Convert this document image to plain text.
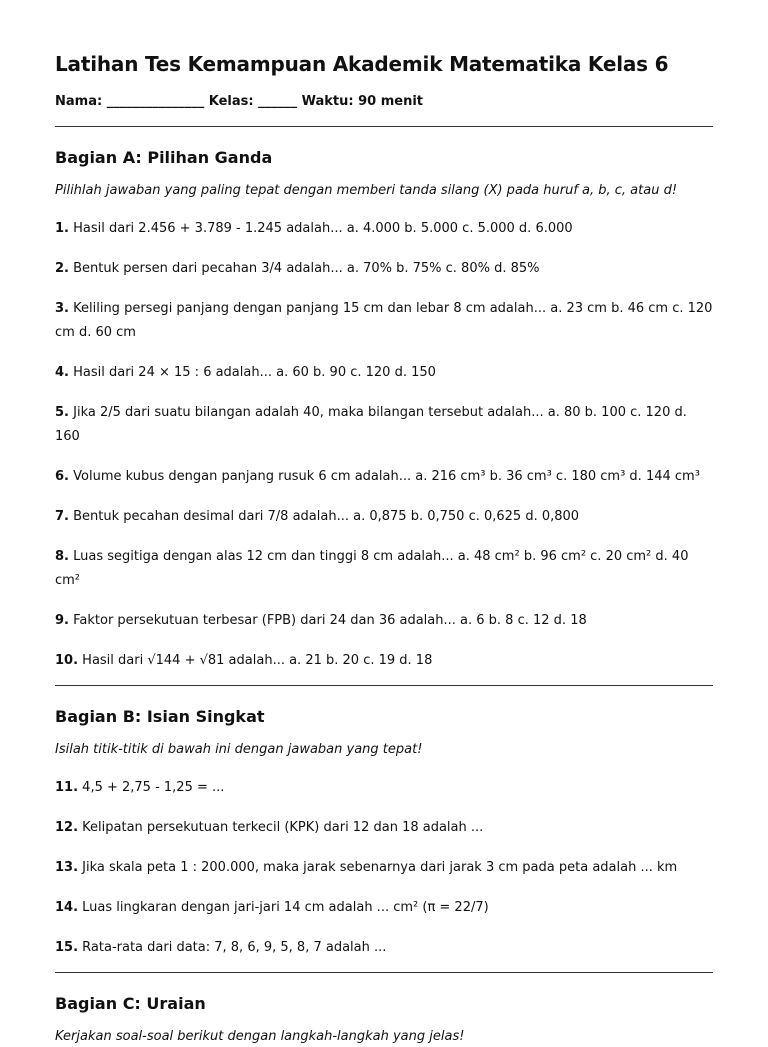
Latihan Tes Kemampuan Akademik Matematika Kelas 6
Nama: _______________ Kelas: ______ Waktu: 90 menit
Bagian A: Pilihan Ganda

Pilihlah jawaban yang paling tepat dengan memberi tanda silang (X) pada huruf a, b, c, atau d!

1. Hasil dari 2.456 + 3.789 - 1.245 adalah... a. 4.000 b. 5.000 c. 5.000 d. 6.000

2. Bentuk persen dari pecahan 3/4 adalah... a. 70% b. 75% c. 80% d. 85%

3. Keliling persegi panjang dengan panjang 15 cm dan lebar 8 cm adalah... a. 23 cm b. 46 cm c. 120 cm d. 60 cm

4. Hasil dari 24 × 15 : 6 adalah... a. 60 b. 90 c. 120 d. 150

5. Jika 2/5 dari suatu bilangan adalah 40, maka bilangan tersebut adalah... a. 80 b. 100 c. 120 d. 160

6. Volume kubus dengan panjang rusuk 6 cm adalah... a. 216 cm³ b. 36 cm³ c. 180 cm³ d. 144 cm³

7. Bentuk pecahan desimal dari 7/8 adalah... a. 0,875 b. 0,750 c. 0,625 d. 0,800

8. Luas segitiga dengan alas 12 cm dan tinggi 8 cm adalah... a. 48 cm² b. 96 cm² c. 20 cm² d. 40 cm²

9. Faktor persekutuan terbesar (FPB) dari 24 dan 36 adalah... a. 6 b. 8 c. 12 d. 18

10. Hasil dari √144 + √81 adalah... a. 21 b. 20 c. 19 d. 18

Bagian B: Isian Singkat

Isilah titik-titik di bawah ini dengan jawaban yang tepat!

11. 4,5 + 2,75 - 1,25 = ...

12. Kelipatan persekutuan terkecil (KPK) dari 12 dan 18 adalah ...

13. Jika skala peta 1 : 200.000, maka jarak sebenarnya dari jarak 3 cm pada peta adalah ... km

14. Luas lingkaran dengan jari-jari 14 cm adalah ... cm² (π = 22/7)

15. Rata-rata dari data: 7, 8, 6, 9, 5, 8, 7 adalah ...

Bagian C: Uraian

Kerjakan soal-soal berikut dengan langkah-langkah yang jelas!
